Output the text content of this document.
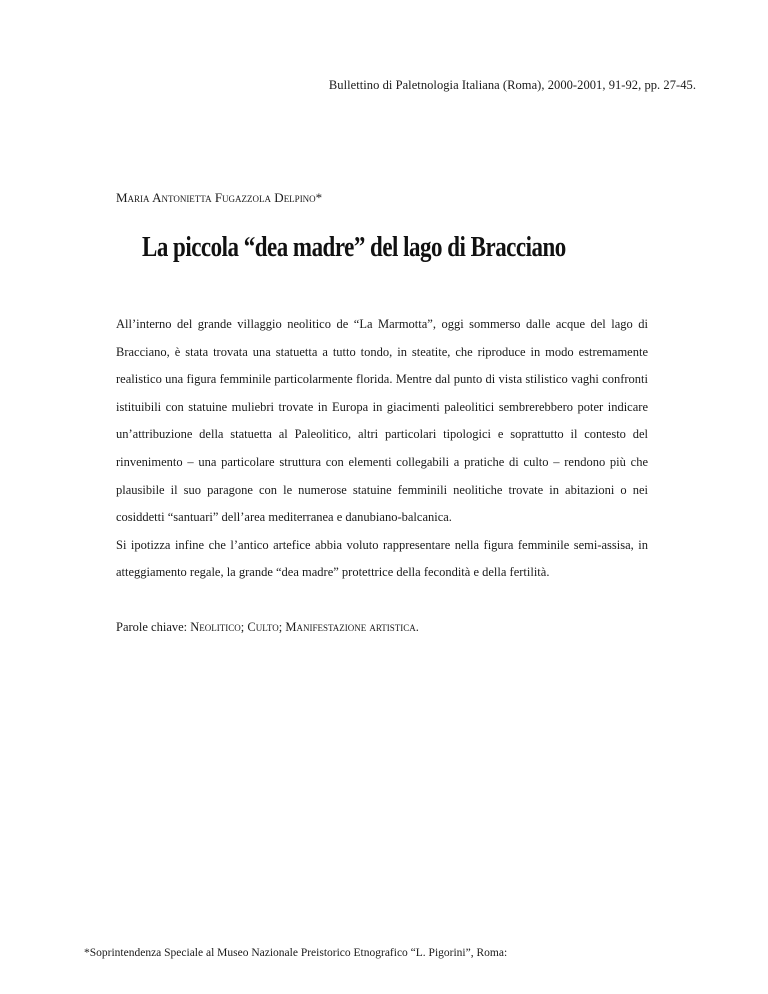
Bullettino di Paletnologia Italiana (Roma), 2000-2001, 91-92, pp. 27-45.
Maria Antonietta Fugazzola Delpino*
La piccola “dea madre” del lago di Bracciano

All’interno del grande villaggio neolitico de “La Marmotta”, oggi sommerso dalle acque del lago di Bracciano, è stata trovata una statuetta a tutto tondo, in steatite, che riproduce in modo estremamente realistico una figura femminile particolarmente florida. Mentre dal punto di vista stilistico vaghi confronti istituibili con statuine muliebri trovate in Europa in giacimenti paleolitici sembrerebbero poter indicare un’attribuzione della statuetta al Paleolitico, altri particolari tipologici e soprattutto il contesto del rinvenimento – una particolare struttura con elementi collegabili a pratiche di culto – rendono più che plausibile il suo paragone con le numerose statuine femminili neolitiche trovate in abitazioni o nei cosiddetti “santuari” dell’area mediterranea e danubiano-balcanica.

Si ipotizza infine che l’antico artefice abbia voluto rappresentare nella figura femminile semi-assisa, in atteggiamento regale, la grande “dea madre” protettrice della fecondità e della fertilità.

Parole chiave: Neolitico; Culto; Manifestazione artistica.
*Soprintendenza Speciale al Museo Nazionale Preistorico Etnografico “L. Pigorini”, Roma:
